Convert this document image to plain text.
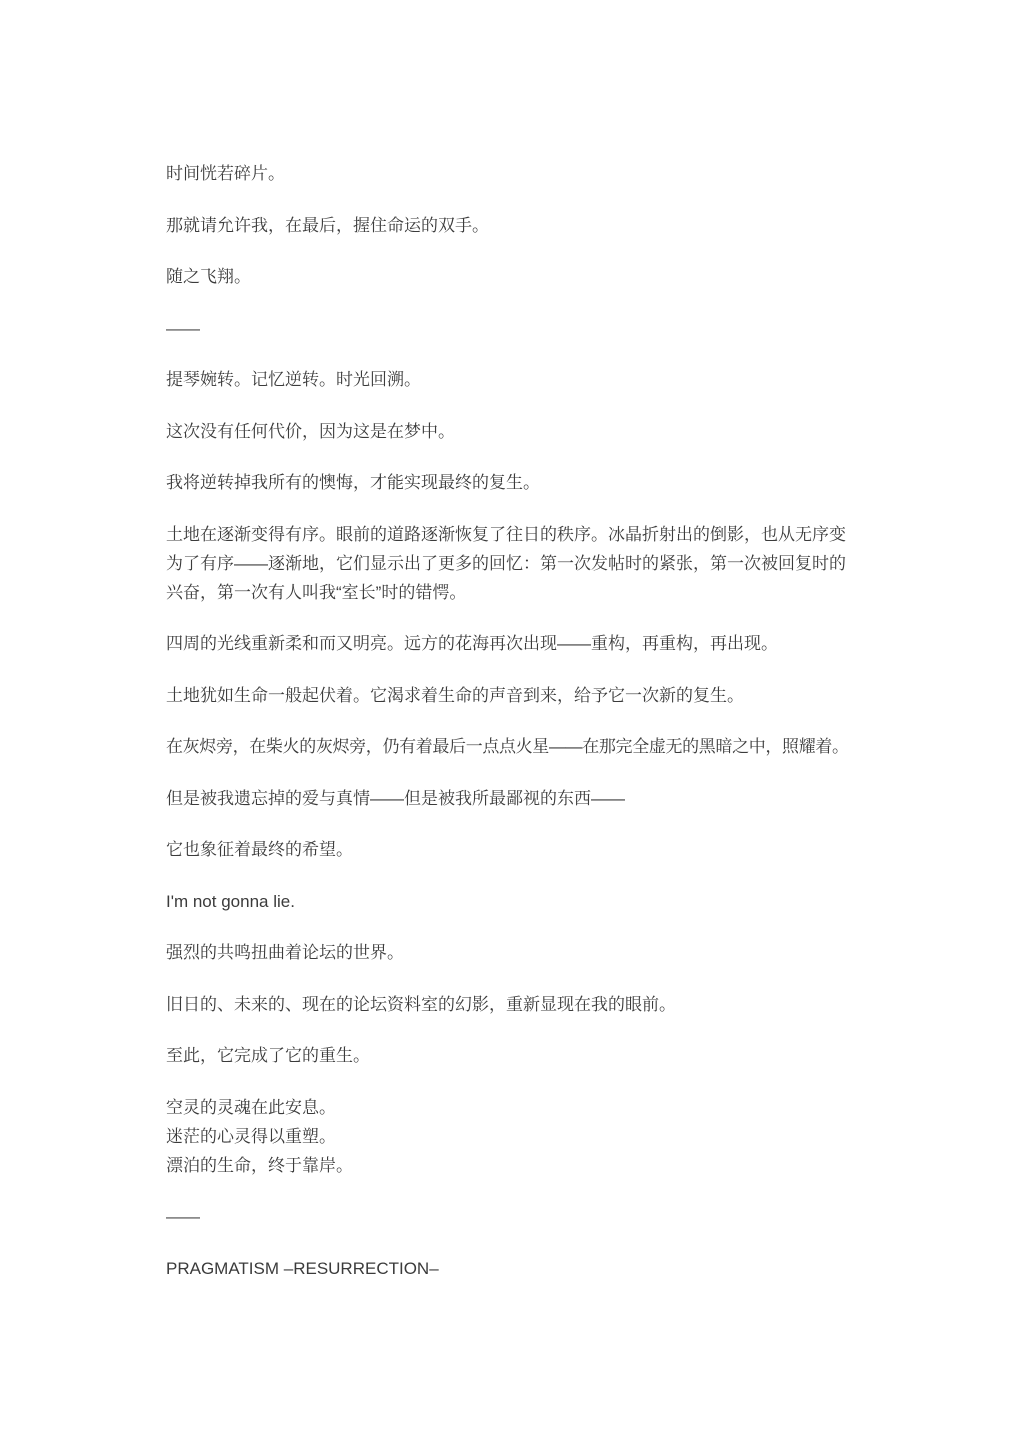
时间恍若碎片。

那就请允许我，在最后，握住命运的双手。

随之飞翔。

——

提琴婉转。记忆逆转。时光回溯。

这次没有任何代价，因为这是在梦中。

我将逆转掉我所有的懊悔，才能实现最终的复生。

土地在逐渐变得有序。眼前的道路逐渐恢复了往日的秩序。冰晶折射出的倒影，也从无序变为了有序——逐渐地，它们显示出了更多的回忆：第一次发帖时的紧张，第一次被回复时的兴奋，第一次有人叫我“室长”时的错愕。

四周的光线重新柔和而又明亮。远方的花海再次出现——重构，再重构，再出现。

土地犹如生命一般起伏着。它渴求着生命的声音到来，给予它一次新的复生。

在灰烬旁，在柴火的灰烬旁，仍有着最后一点点火星——在那完全虚无的黑暗之中，照耀着。

但是被我遗忘掉的爱与真情——但是被我所最鄙视的东西——

它也象征着最终的希望。

I'm not gonna lie.

强烈的共鸣扭曲着论坛的世界。

旧日的、未来的、现在的论坛资料室的幻影，重新显现在我的眼前。

至此，它完成了它的重生。

空灵的灵魂在此安息。
迷茫的心灵得以重塑。
漂泊的生命，终于靠岸。

——

PRAGMATISM –RESURRECTION–
